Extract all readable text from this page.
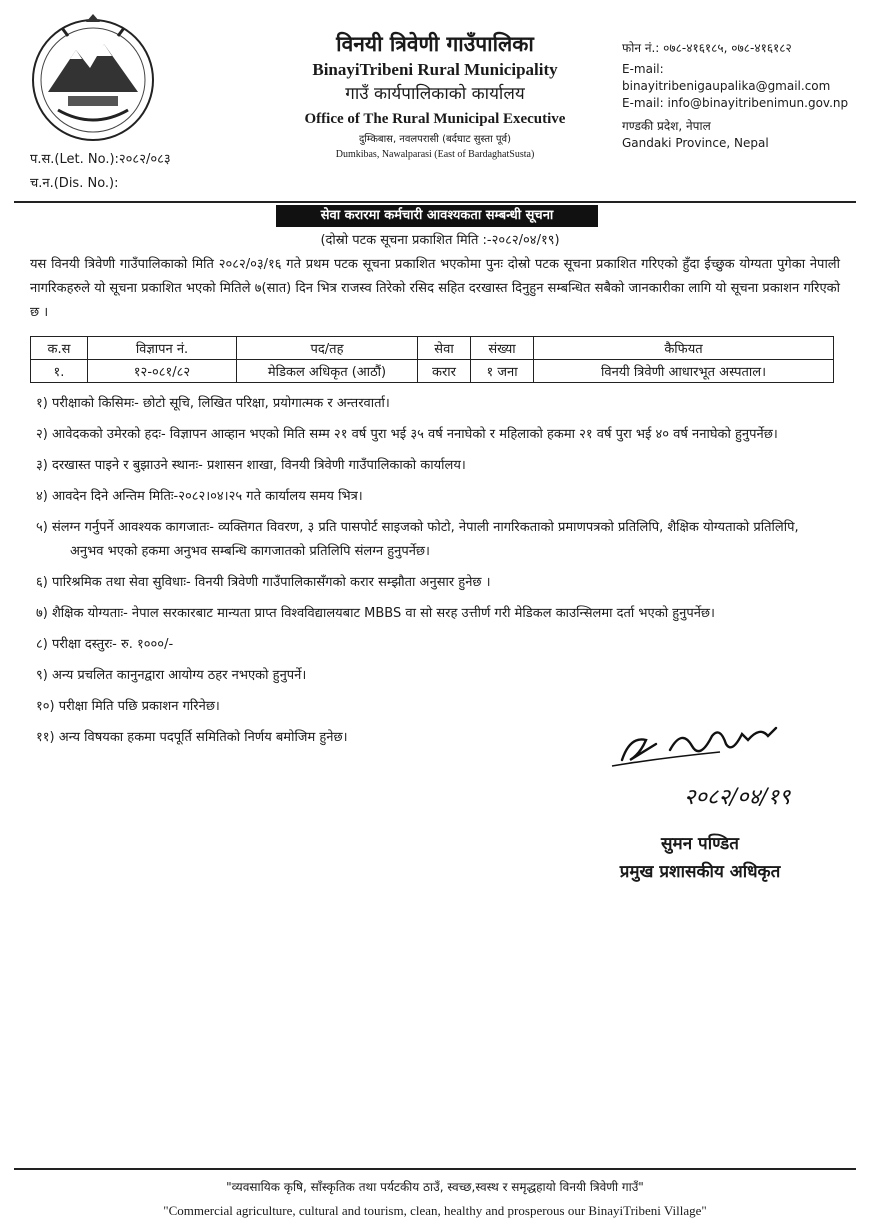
विनयी त्रिवेणी गाउँपालिका
BinayiTribeni Rural Municipality
गाउँ कार्यपालिकाको कार्यालय
Office of The Rural Municipal Executive
दुम्किबास, नवलपरासी (बर्दघाट सुस्ता पूर्व)
Dumkibas, Nawalparasi (East of BardaghatSusta)
फोन नं.: ०७८-४१६१८५, ०७८-४१६१८२
E-mail:
binayitribenigaupalika@gmail.com
E-mail: info@binayitribenimun.gov.np
गण्डकी प्रदेश, नेपाल
Gandaki Province, Nepal
प.स.(Let. No.):२०८२/०८३
च.न.(Dis. No.):
सेवा करारमा कर्मचारी आवश्यकता सम्बन्धी सूचना
(दोस्रो पटक सूचना प्रकाशित मिति :-२०८२/०४/१९)
यस विनयी त्रिवेणी गाउँपालिकाको मिति २०८२/०३/१६ गते प्रथम पटक सूचना प्रकाशित भएकोमा पुनः दोस्रो पटक सूचना प्रकाशित गरिएको हुँदा ईच्छुक योग्यता पुगेका नेपाली नागरिकहरुले यो सूचना प्रकाशित भएको मितिले ७(सात) दिन भित्र राजस्व तिरेको रसिद सहित दरखास्त दिनुहुन सम्बन्धित सबैको जानकारीका लागि यो सूचना प्रकाशन गरिएको छ ।
क.स	विज्ञापन नं.	पद/तह	सेवा	संख्या	कैफियत
१.	१२-०८१/८२	मेडिकल अधिकृत (आठौं)	करार	१ जना	विनयी त्रिवेणी आधारभूत अस्पताल।
१) परीक्षाको किसिमः- छोटो सूचि, लिखित परिक्षा, प्रयोगात्मक र अन्तरवार्ता।
२) आवेदकको उमेरको हदः- विज्ञापन आव्हान भएको मिति सम्म २१ वर्ष पुरा भई ३५ वर्ष ननाघेको र महिलाको हकमा २१ वर्ष पुरा भई ४० वर्ष ननाघेको हुनुपर्नेछ।
३) दरखास्त पाइने र बुझाउने स्थानः- प्रशासन शाखा, विनयी त्रिवेणी गाउँपालिकाको कार्यालय।
४) आवदेन दिने अन्तिम मितिः-२०८२।०४।२५ गते कार्यालय समय भित्र।
५) संलग्न गर्नुपर्ने आवश्यक कागजातः- व्यक्तिगत विवरण, ३ प्रति पासपोर्ट साइजको फोटो, नेपाली नागरिकताको प्रमाणपत्रको प्रतिलिपि, शैक्षिक योग्यताको प्रतिलिपि, अनुभव भएको हकमा अनुभव सम्बन्धि कागजातको प्रतिलिपि संलग्न हुनुपर्नेछ।
६) पारिश्रमिक तथा सेवा सुविधाः- विनयी त्रिवेणी गाउँपालिकासँगको करार सम्झौता अनुसार हुनेछ ।
७) शैक्षिक योग्यताः- नेपाल सरकारबाट मान्यता प्राप्त विश्वविद्यालयबाट MBBS वा सो सरह उत्तीर्ण गरी मेडिकल काउन्सिलमा दर्ता भएको हुनुपर्नेछ।
८) परीक्षा दस्तुरः- रु. १०००/-
९) अन्य प्रचलित कानुनद्वारा आयोग्य ठहर नभएको हुनुपर्ने।
१०) परीक्षा मिति पछि प्रकाशन गरिनेछ।
११) अन्य विषयका हकमा पदपूर्ति समितिको निर्णय बमोजिम हुनेछ।
२०८२/०४/१९
सुमन पण्डित
प्रमुख प्रशासकीय अधिकृत
"व्यवसायिक कृषि, साँस्कृतिक तथा पर्यटकीय ठाउँ, स्वच्छ,स्वस्थ र समृद्धहायो विनयी त्रिवेणी गाउँ"
"Commercial agriculture, cultural and tourism, clean, healthy and prosperous our BinayiTribeni Village"
